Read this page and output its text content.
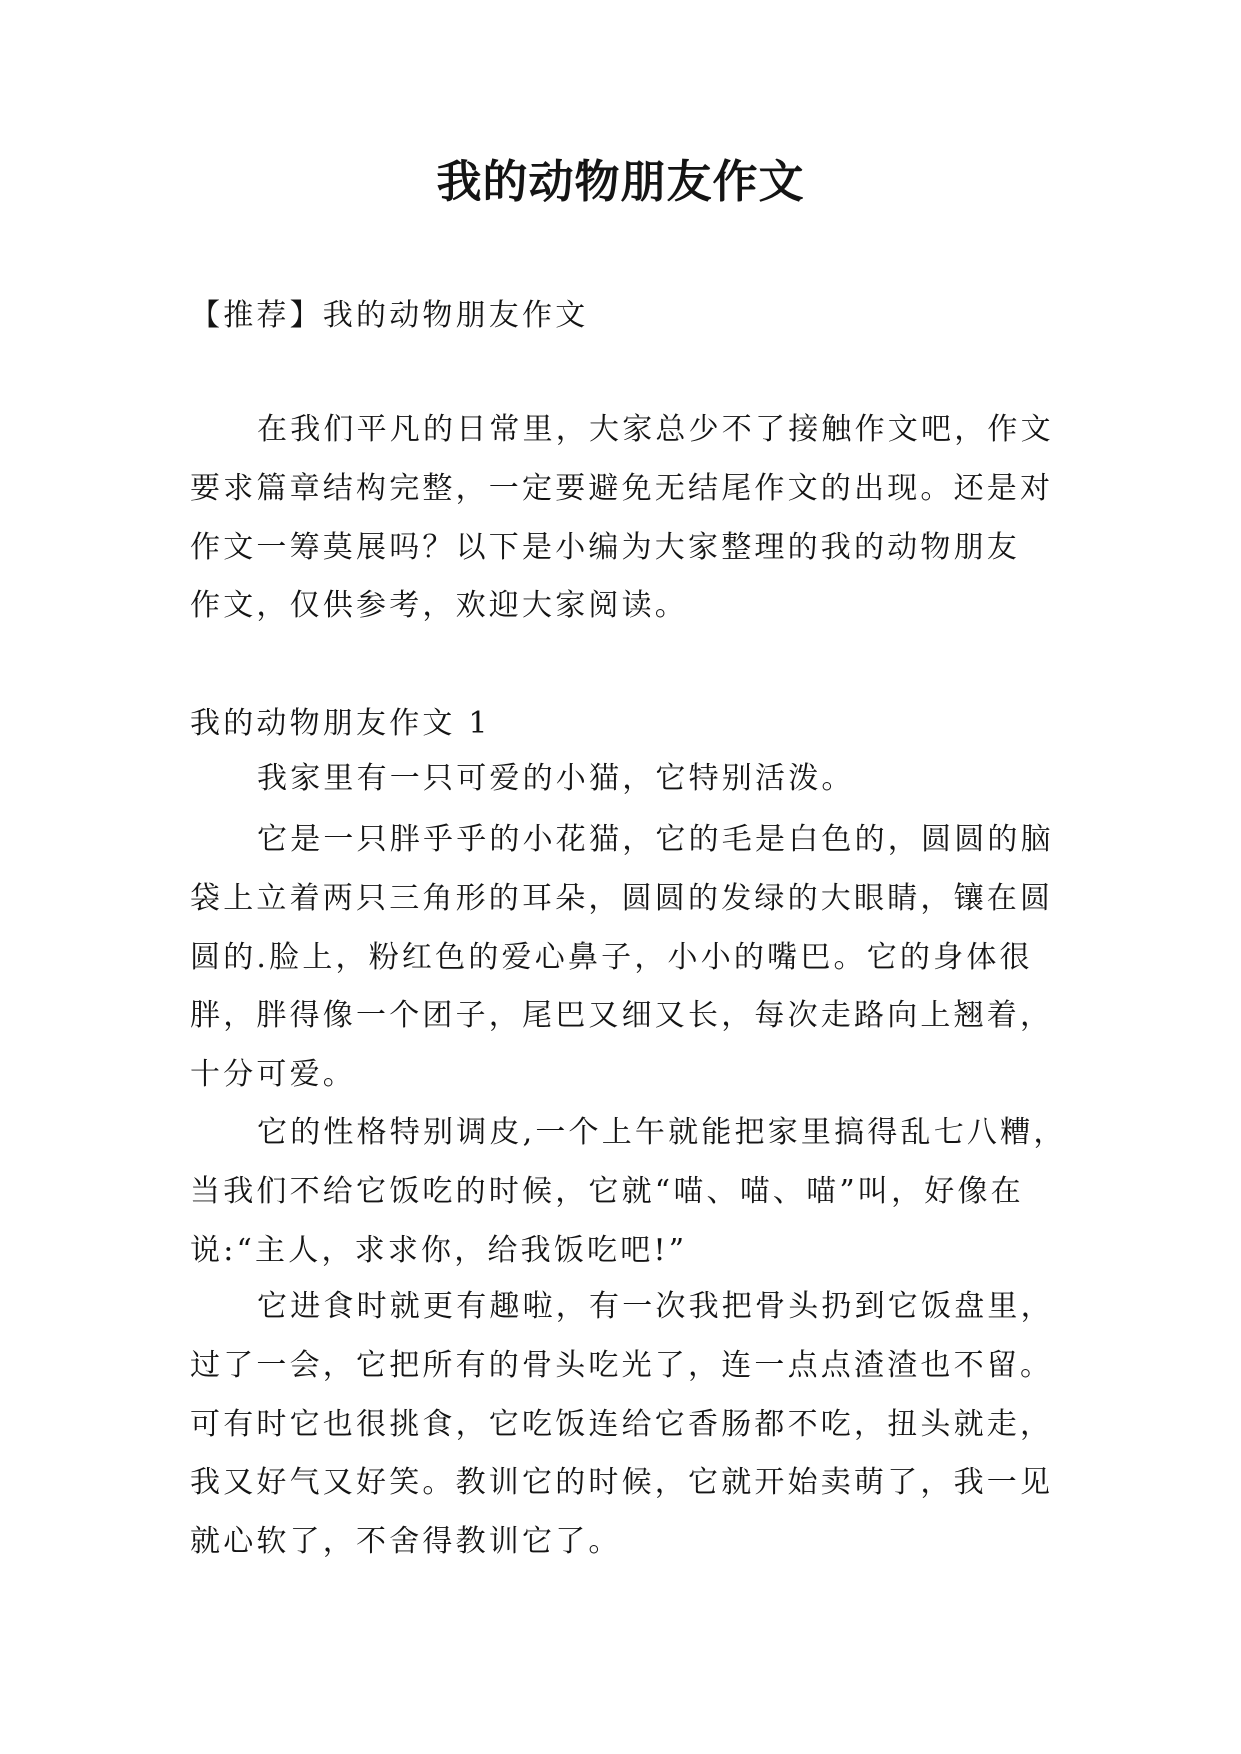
我的动物朋友作文
【推荐】我的动物朋友作文
在我们平凡的日常里，大家总少不了接触作文吧，作文
要求篇章结构完整，一定要避免无结尾作文的出现。还是对
作文一筹莫展吗？以下是小编为大家整理的我的动物朋友
作文，仅供参考，欢迎大家阅读。
我的动物朋友作文 1
我家里有一只可爱的小猫，它特别活泼。
它是一只胖乎乎的小花猫，它的毛是白色的，圆圆的脑
袋上立着两只三角形的耳朵，圆圆的发绿的大眼睛，镶在圆
圆的.脸上，粉红色的爱心鼻子，小小的嘴巴。它的身体很
胖，胖得像一个团子，尾巴又细又长，每次走路向上翘着，
十分可爱。
它的性格特别调皮,一个上午就能把家里搞得乱七八糟，
当我们不给它饭吃的时候，它就“喵、喵、喵”叫，好像在
说:“主人，求求你，给我饭吃吧!”
它进食时就更有趣啦，有一次我把骨头扔到它饭盘里，
过了一会，它把所有的骨头吃光了，连一点点渣渣也不留。
可有时它也很挑食，它吃饭连给它香肠都不吃，扭头就走，
我又好气又好笑。教训它的时候，它就开始卖萌了，我一见
就心软了，不舍得教训它了。
